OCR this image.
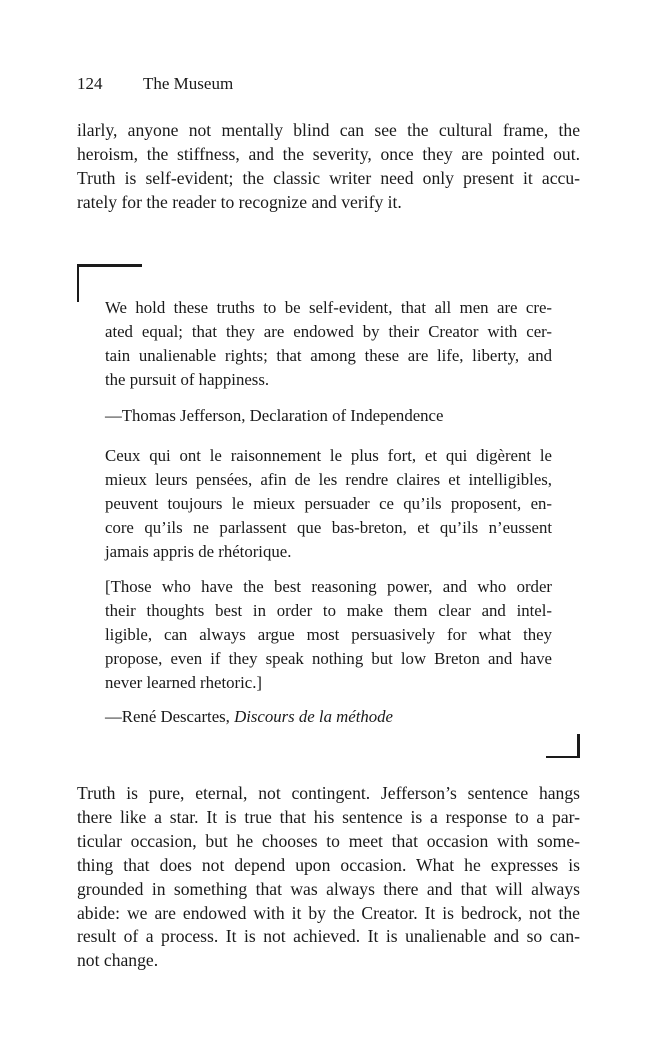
124 The Museum
ilarly, anyone not mentally blind can see the cultural frame, the
heroism, the stiffness, and the severity, once they are pointed out.
Truth is self-evident; the classic writer need only present it accu-
rately for the reader to recognize and verify it.
We hold these truths to be self-evident, that all men are cre-
ated equal; that they are endowed by their Creator with cer-
tain unalienable rights; that among these are life, liberty, and
the pursuit of happiness.
—Thomas Jefferson, Declaration of Independence
Ceux qui ont le raisonnement le plus fort, et qui digèrent le
mieux leurs pensées, afin de les rendre claires et intelligibles,
peuvent toujours le mieux persuader ce qu’ils proposent, en-
core qu’ils ne parlassent que bas-breton, et qu’ils n’eussent
jamais appris de rhétorique.
[Those who have the best reasoning power, and who order
their thoughts best in order to make them clear and intel-
ligible, can always argue most persuasively for what they
propose, even if they speak nothing but low Breton and have
never learned rhetoric.]
—René Descartes, Discours de la méthode
Truth is pure, eternal, not contingent. Jefferson’s sentence hangs
there like a star. It is true that his sentence is a response to a par-
ticular occasion, but he chooses to meet that occasion with some-
thing that does not depend upon occasion. What he expresses is
grounded in something that was always there and that will always
abide: we are endowed with it by the Creator. It is bedrock, not the
result of a process. It is not achieved. It is unalienable and so can-
not change.
